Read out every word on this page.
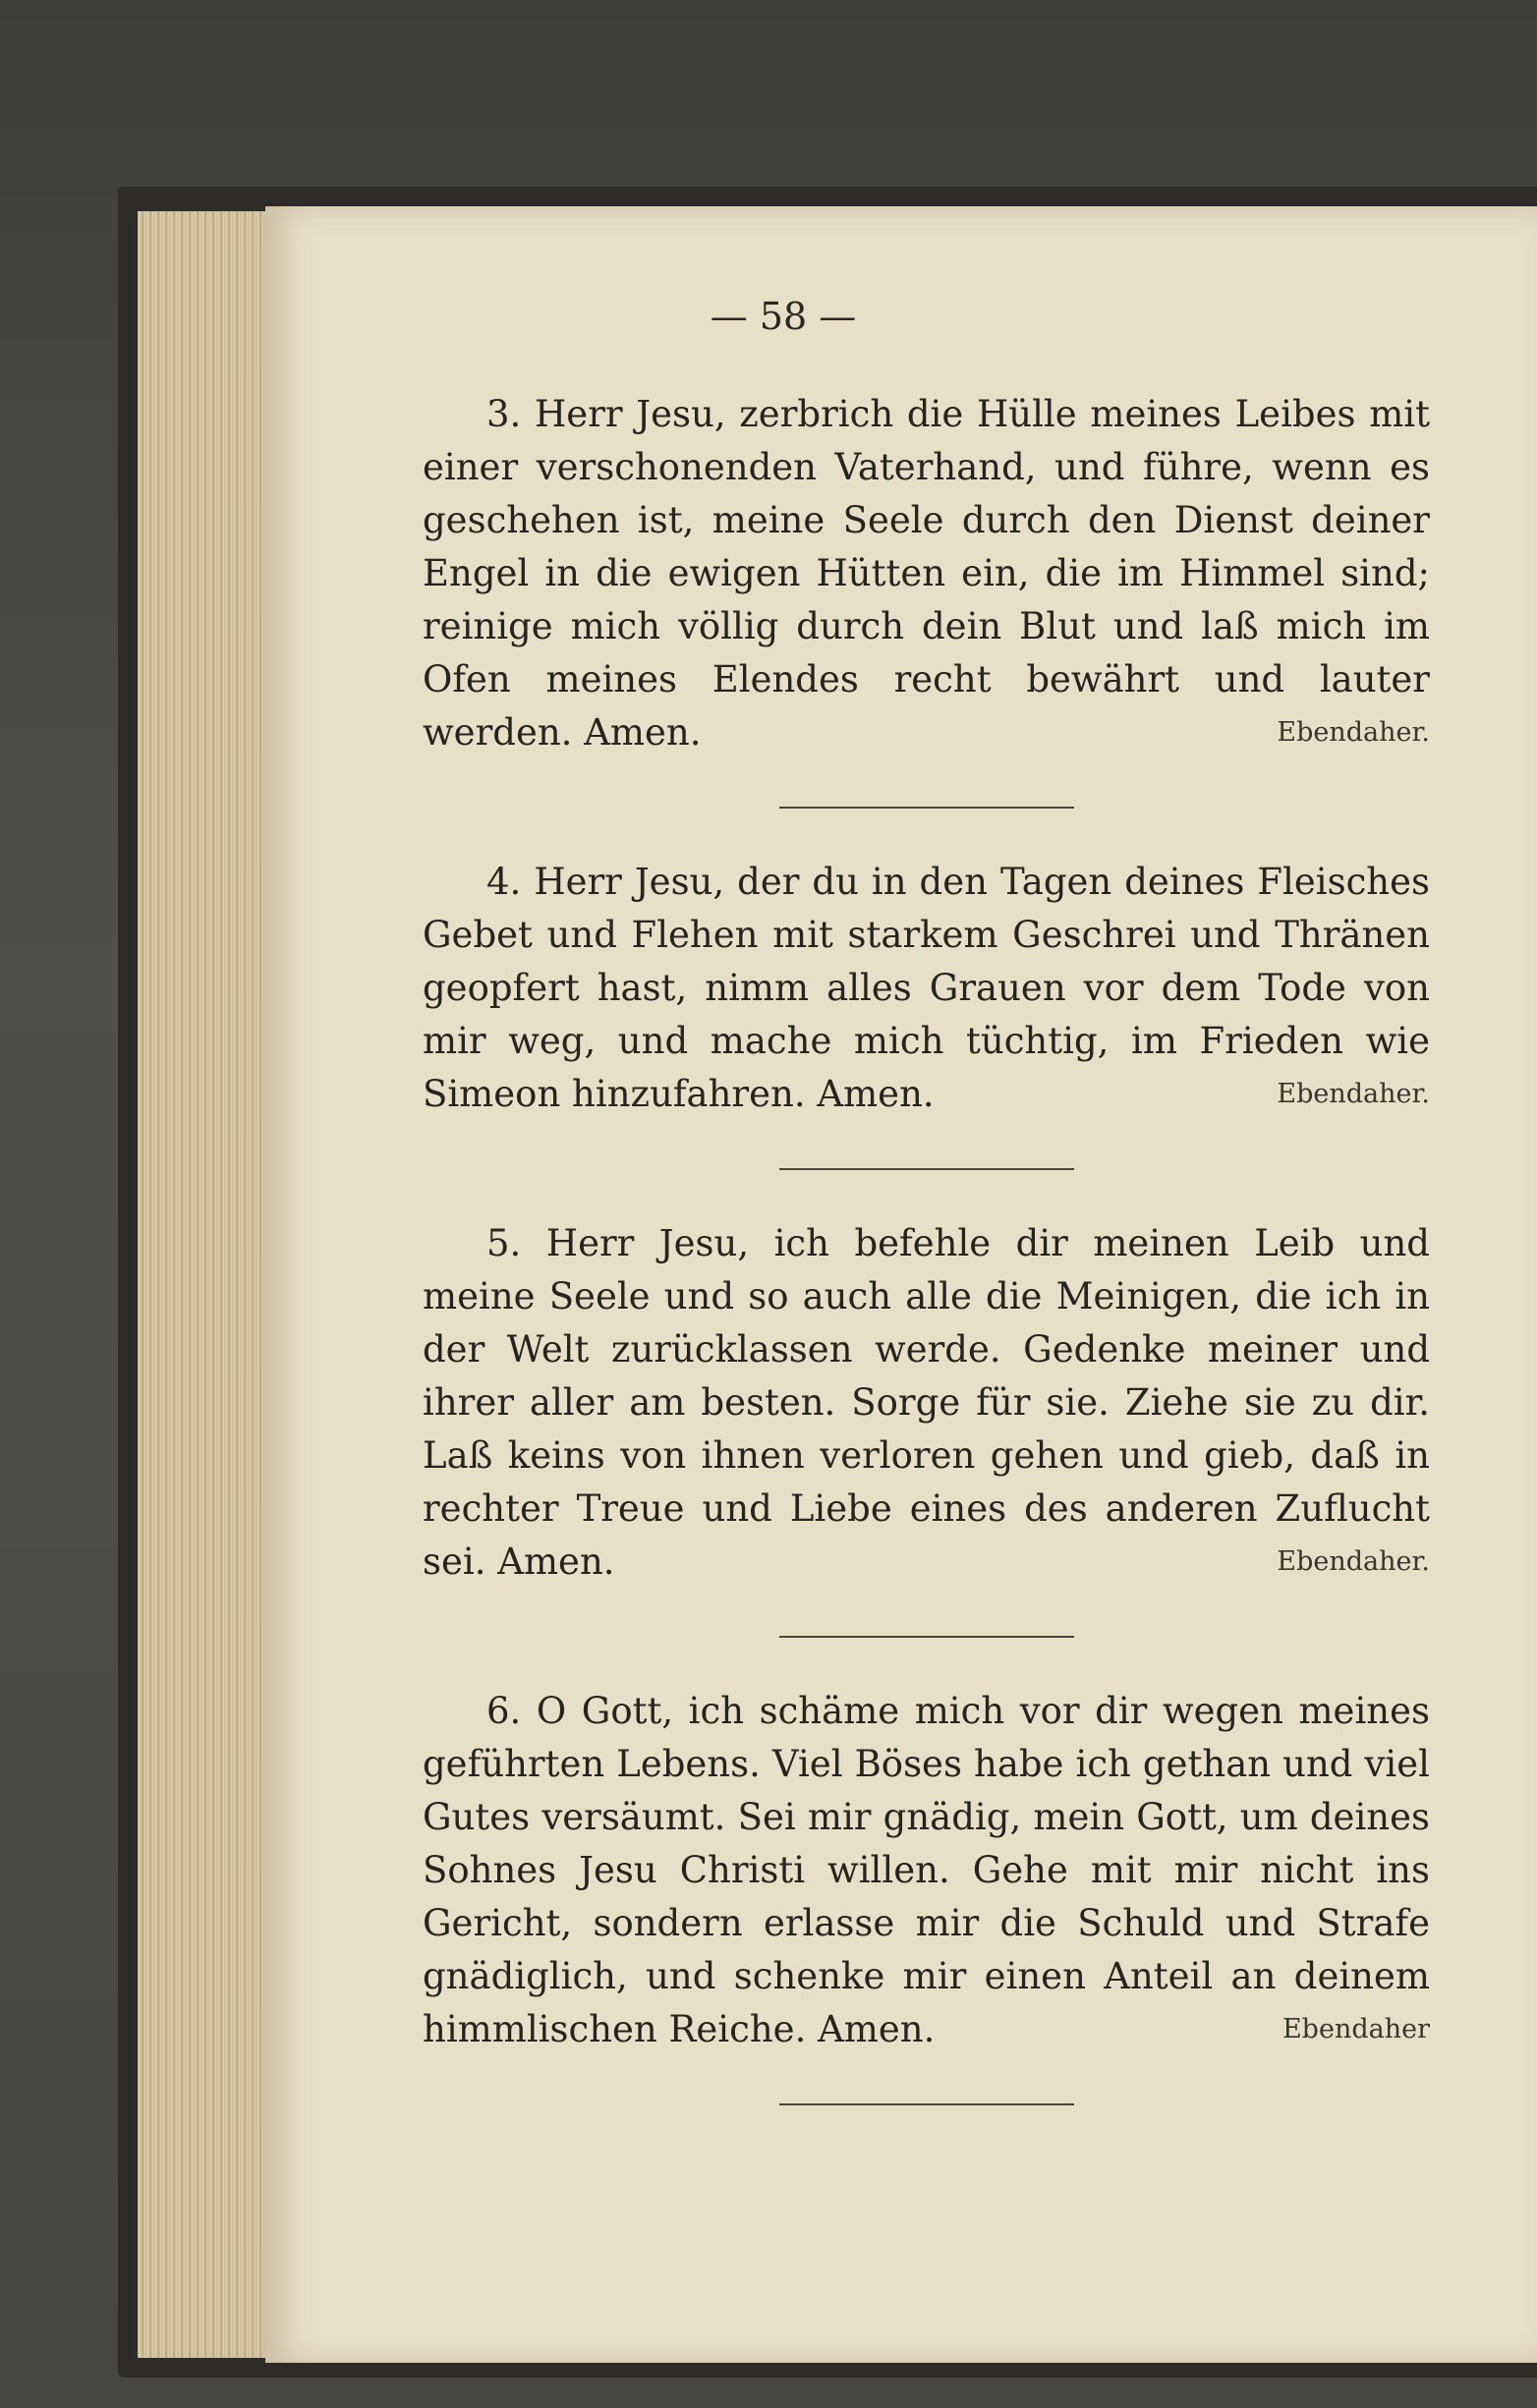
— 58 —

3. Herr Jesu, zerbrich die Hülle meines Leibes mit einer verschonenden Vaterhand, und führe, wenn es geschehen ist, meine Seele durch den Dienst deiner Engel in die ewigen Hütten ein, die im Himmel sind; reinige mich völlig durch dein Blut und laß mich im Ofen meines Elendes recht bewährt und lauter werden. Amen.	Ebendaher.

4. Herr Jesu, der du in den Tagen deines Fleisches Gebet und Flehen mit starkem Geschrei und Thränen geopfert hast, nimm alles Grauen vor dem Tode von mir weg, und mache mich tüchtig, im Frieden wie Simeon hinzufahren. Amen.	Ebendaher.

5. Herr Jesu, ich befehle dir meinen Leib und meine Seele und so auch alle die Meinigen, die ich in der Welt zurücklassen werde. Gedenke meiner und ihrer aller am besten. Sorge für sie. Ziehe sie zu dir. Laß keins von ihnen verloren gehen und gieb, daß in rechter Treue und Liebe eines des anderen Zuflucht sei. Amen.	Ebendaher.

6. O Gott, ich schäme mich vor dir wegen meines geführten Lebens. Viel Böses habe ich gethan und viel Gutes versäumt. Sei mir gnädig, mein Gott, um deines Sohnes Jesu Christi willen. Gehe mit mir nicht ins Gericht, sondern erlasse mir die Schuld und Strafe gnädiglich, und schenke mir einen Anteil an deinem himmlischen Reiche. Amen.	Ebendaher
